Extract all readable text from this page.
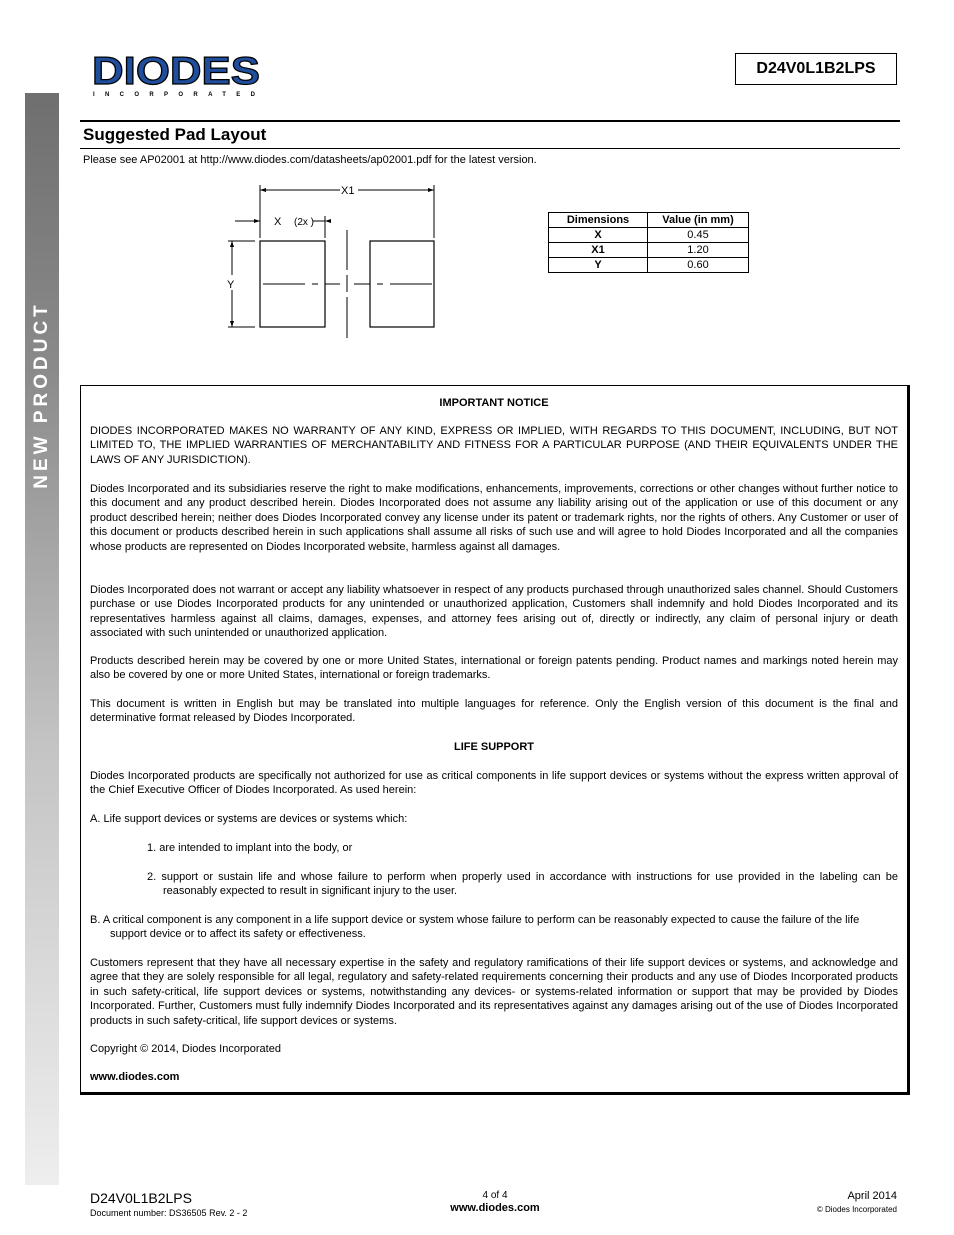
NEW PRODUCT
DIODES
INCORPORATED
D24V0L1B2LPS
Suggested Pad Layout
Please see AP02001 at http://www.diodes.com/datasheets/ap02001.pdf for the latest version.
X1
X (2x )
Y
Dimensions	Value (in mm)
X	0.45
X1	1.20
Y	0.60
IMPORTANT NOTICE
DIODES INCORPORATED MAKES NO WARRANTY OF ANY KIND, EXPRESS OR IMPLIED, WITH REGARDS TO THIS DOCUMENT, INCLUDING, BUT NOT LIMITED TO, THE IMPLIED WARRANTIES OF MERCHANTABILITY AND FITNESS FOR A PARTICULAR PURPOSE (AND THEIR EQUIVALENTS UNDER THE LAWS OF ANY JURISDICTION).
Diodes Incorporated and its subsidiaries reserve the right to make modifications, enhancements, improvements, corrections or other changes without further notice to this document and any product described herein. Diodes Incorporated does not assume any liability arising out of the application or use of this document or any product described herein; neither does Diodes Incorporated convey any license under its patent or trademark rights, nor the rights of others. Any Customer or user of this document or products described herein in such applications shall assume all risks of such use and will agree to hold Diodes Incorporated and all the companies whose products are represented on Diodes Incorporated website, harmless against all damages.
Diodes Incorporated does not warrant or accept any liability whatsoever in respect of any products purchased through unauthorized sales channel. Should Customers purchase or use Diodes Incorporated products for any unintended or unauthorized application, Customers shall indemnify and hold Diodes Incorporated and its representatives harmless against all claims, damages, expenses, and attorney fees arising out of, directly or indirectly, any claim of personal injury or death associated with such unintended or unauthorized application.
Products described herein may be covered by one or more United States, international or foreign patents pending. Product names and markings noted herein may also be covered by one or more United States, international or foreign trademarks.
This document is written in English but may be translated into multiple languages for reference. Only the English version of this document is the final and determinative format released by Diodes Incorporated.
LIFE SUPPORT
Diodes Incorporated products are specifically not authorized for use as critical components in life support devices or systems without the express written approval of the Chief Executive Officer of Diodes Incorporated. As used herein:
A. Life support devices or systems are devices or systems which:
1. are intended to implant into the body, or
2. support or sustain life and whose failure to perform when properly used in accordance with instructions for use provided in the labeling can be reasonably expected to result in significant injury to the user.
B. A critical component is any component in a life support device or system whose failure to perform can be reasonably expected to cause the failure of the life support device or to affect its safety or effectiveness.
Customers represent that they have all necessary expertise in the safety and regulatory ramifications of their life support devices or systems, and acknowledge and agree that they are solely responsible for all legal, regulatory and safety-related requirements concerning their products and any use of Diodes Incorporated products in such safety-critical, life support devices or systems, notwithstanding any devices- or systems-related information or support that may be provided by Diodes Incorporated. Further, Customers must fully indemnify Diodes Incorporated and its representatives against any damages arising out of the use of Diodes Incorporated products in such safety-critical, life support devices or systems.
Copyright © 2014, Diodes Incorporated
www.diodes.com
D24V0L1B2LPS
Document number: DS36505 Rev. 2 - 2
4 of 4
www.diodes.com
April 2014
© Diodes Incorporated
